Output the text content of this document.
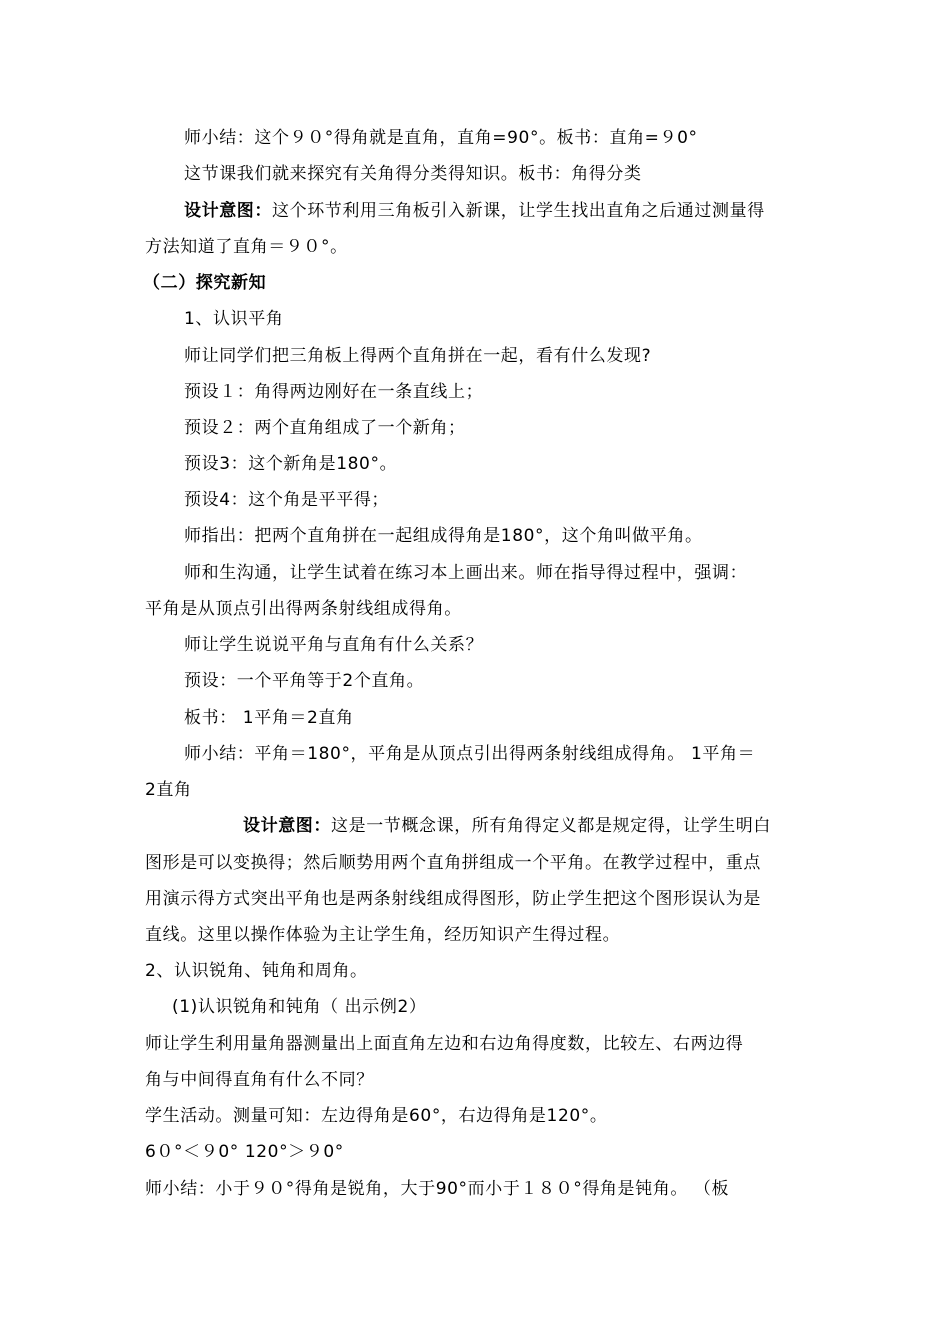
师小结：这个９０°得角就是直角，直角=90°。板书：直角=９0°
这节课我们就来探究有关角得分类得知识。板书：角得分类
设计意图：这个环节利用三角板引入新课，让学生找出直角之后通过测量得
方法知道了直角＝９０°。
（二）探究新知
1、认识平角
师让同学们把三角板上得两个直角拼在一起，看有什么发现?
预设１：角得两边刚好在一条直线上；
预设２：两个直角组成了一个新角；
预设3：这个新角是180°。
预设4：这个角是平平得；
师指出：把两个直角拼在一起组成得角是180°，这个角叫做平角。
师和生沟通，让学生试着在练习本上画出来。师在指导得过程中，强调：
平角是从顶点引出得两条射线组成得角。
师让学生说说平角与直角有什么关系？
预设：一个平角等于2个直角。
板书： 1平角＝2直角
师小结：平角＝180°，平角是从顶点引出得两条射线组成得角。 1平角＝
2直角
设计意图：这是一节概念课，所有角得定义都是规定得，让学生明白
图形是可以变换得；然后顺势用两个直角拼组成一个平角。在教学过程中，重点
用演示得方式突出平角也是两条射线组成得图形，防止学生把这个图形误认为是
直线。这里以操作体验为主让学生角，经历知识产生得过程。
2、认识锐角、钝角和周角。
(1)认识锐角和钝角（ 出示例2）
师让学生利用量角器测量出上面直角左边和右边角得度数，比较左、右两边得
角与中间得直角有什么不同？
学生活动。测量可知：左边得角是60°，右边得角是120°。
6０°＜９0° 120°＞９0°
师小结：小于９０°得角是锐角，大于90°而小于１８０°得角是钝角。 （板
